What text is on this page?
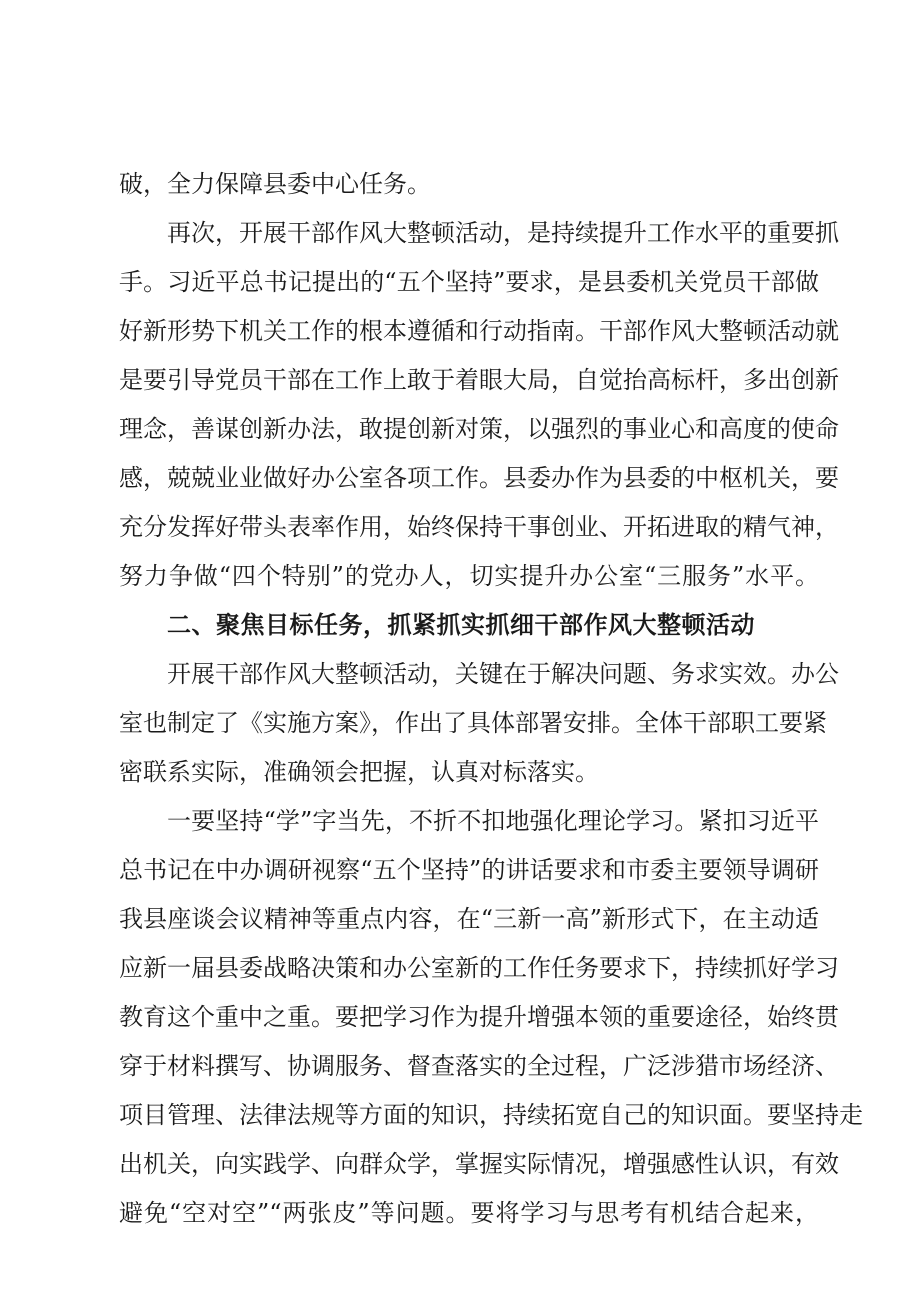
破，全力保障县委中心任务。
再次，开展干部作风大整顿活动，是持续提升工作水平的重要抓
手。习近平总书记提出的“五个坚持”要求，是县委机关党员干部做
好新形势下机关工作的根本遵循和行动指南。干部作风大整顿活动就
是要引导党员干部在工作上敢于着眼大局，自觉抬高标杆，多出创新
理念，善谋创新办法，敢提创新对策，以强烈的事业心和高度的使命
感，兢兢业业做好办公室各项工作。县委办作为县委的中枢机关，要
充分发挥好带头表率作用，始终保持干事创业、开拓进取的精气神，
努力争做“四个特别”的党办人，切实提升办公室“三服务”水平。
二、聚焦目标任务，抓紧抓实抓细干部作风大整顿活动
开展干部作风大整顿活动，关键在于解决问题、务求实效。办公
室也制定了《实施方案》，作出了具体部署安排。全体干部职工要紧
密联系实际，准确领会把握，认真对标落实。
一要坚持“学”字当先，不折不扣地强化理论学习。紧扣习近平
总书记在中办调研视察“五个坚持”的讲话要求和市委主要领导调研
我县座谈会议精神等重点内容，在“三新一高”新形式下，在主动适
应新一届县委战略决策和办公室新的工作任务要求下，持续抓好学习
教育这个重中之重。要把学习作为提升增强本领的重要途径，始终贯
穿于材料撰写、协调服务、督查落实的全过程，广泛涉猎市场经济、
项目管理、法律法规等方面的知识，持续拓宽自己的知识面。要坚持走
出机关，向实践学、向群众学，掌握实际情况，增强感性认识，有效
避免“空对空”“两张皮”等问题。要将学习与思考有机结合起来，
